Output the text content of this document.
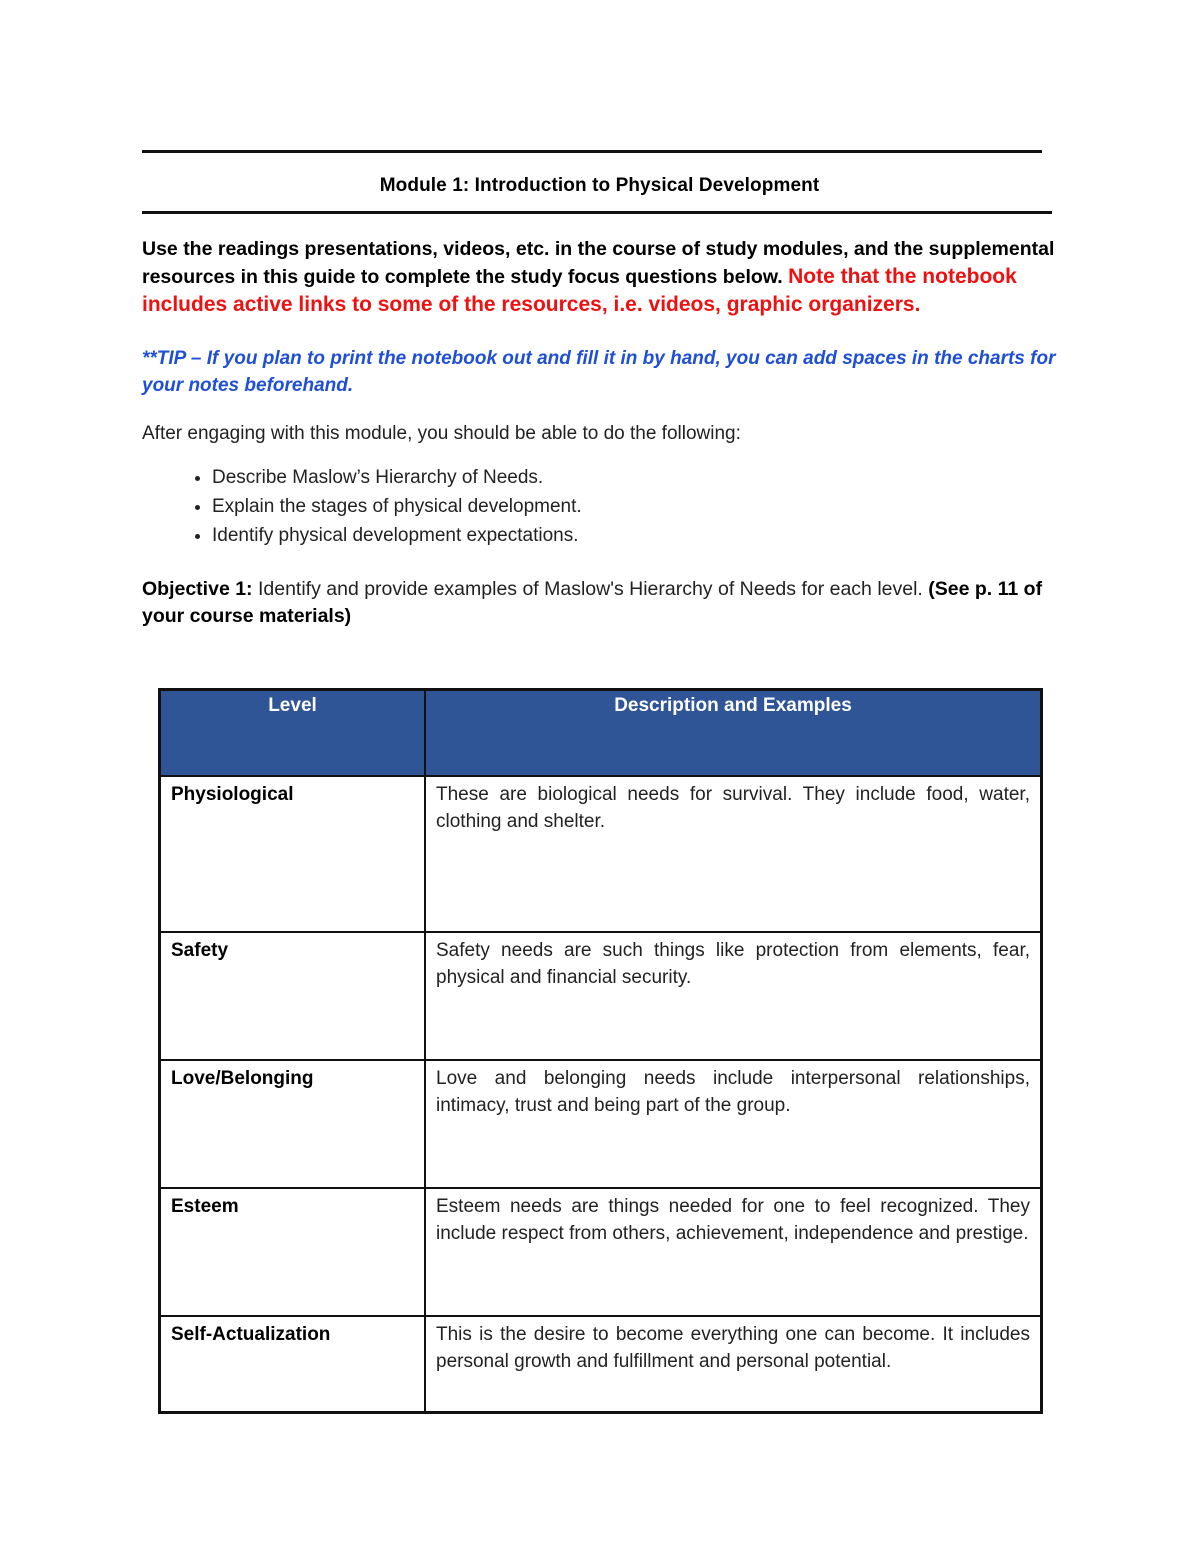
Module 1: Introduction to Physical Development
Use the readings presentations, videos, etc. in the course of study modules, and the supplemental resources in this guide to complete the study focus questions below. Note that the notebook includes active links to some of the resources, i.e. videos, graphic organizers.
**TIP – If you plan to print the notebook out and fill it in by hand, you can add spaces in the charts for your notes beforehand.
After engaging with this module, you should be able to do the following:
• Describe Maslow’s Hierarchy of Needs.
• Explain the stages of physical development.
• Identify physical development expectations.
Objective 1: Identify and provide examples of Maslow's Hierarchy of Needs for each level. (See p. 11 of your course materials)
Level	Description and Examples
Physiological	These are biological needs for survival. They include food, water, clothing and shelter.
Safety	Safety needs are such things like protection from elements, fear, physical and financial security.
Love/Belonging	Love and belonging needs include interpersonal relationships, intimacy, trust and being part of the group.
Esteem	Esteem needs are things needed for one to feel recognized. They include respect from others, achievement, independence and prestige.
Self-Actualization	This is the desire to become everything one can become. It includes personal growth and fulfillment and personal potential.
